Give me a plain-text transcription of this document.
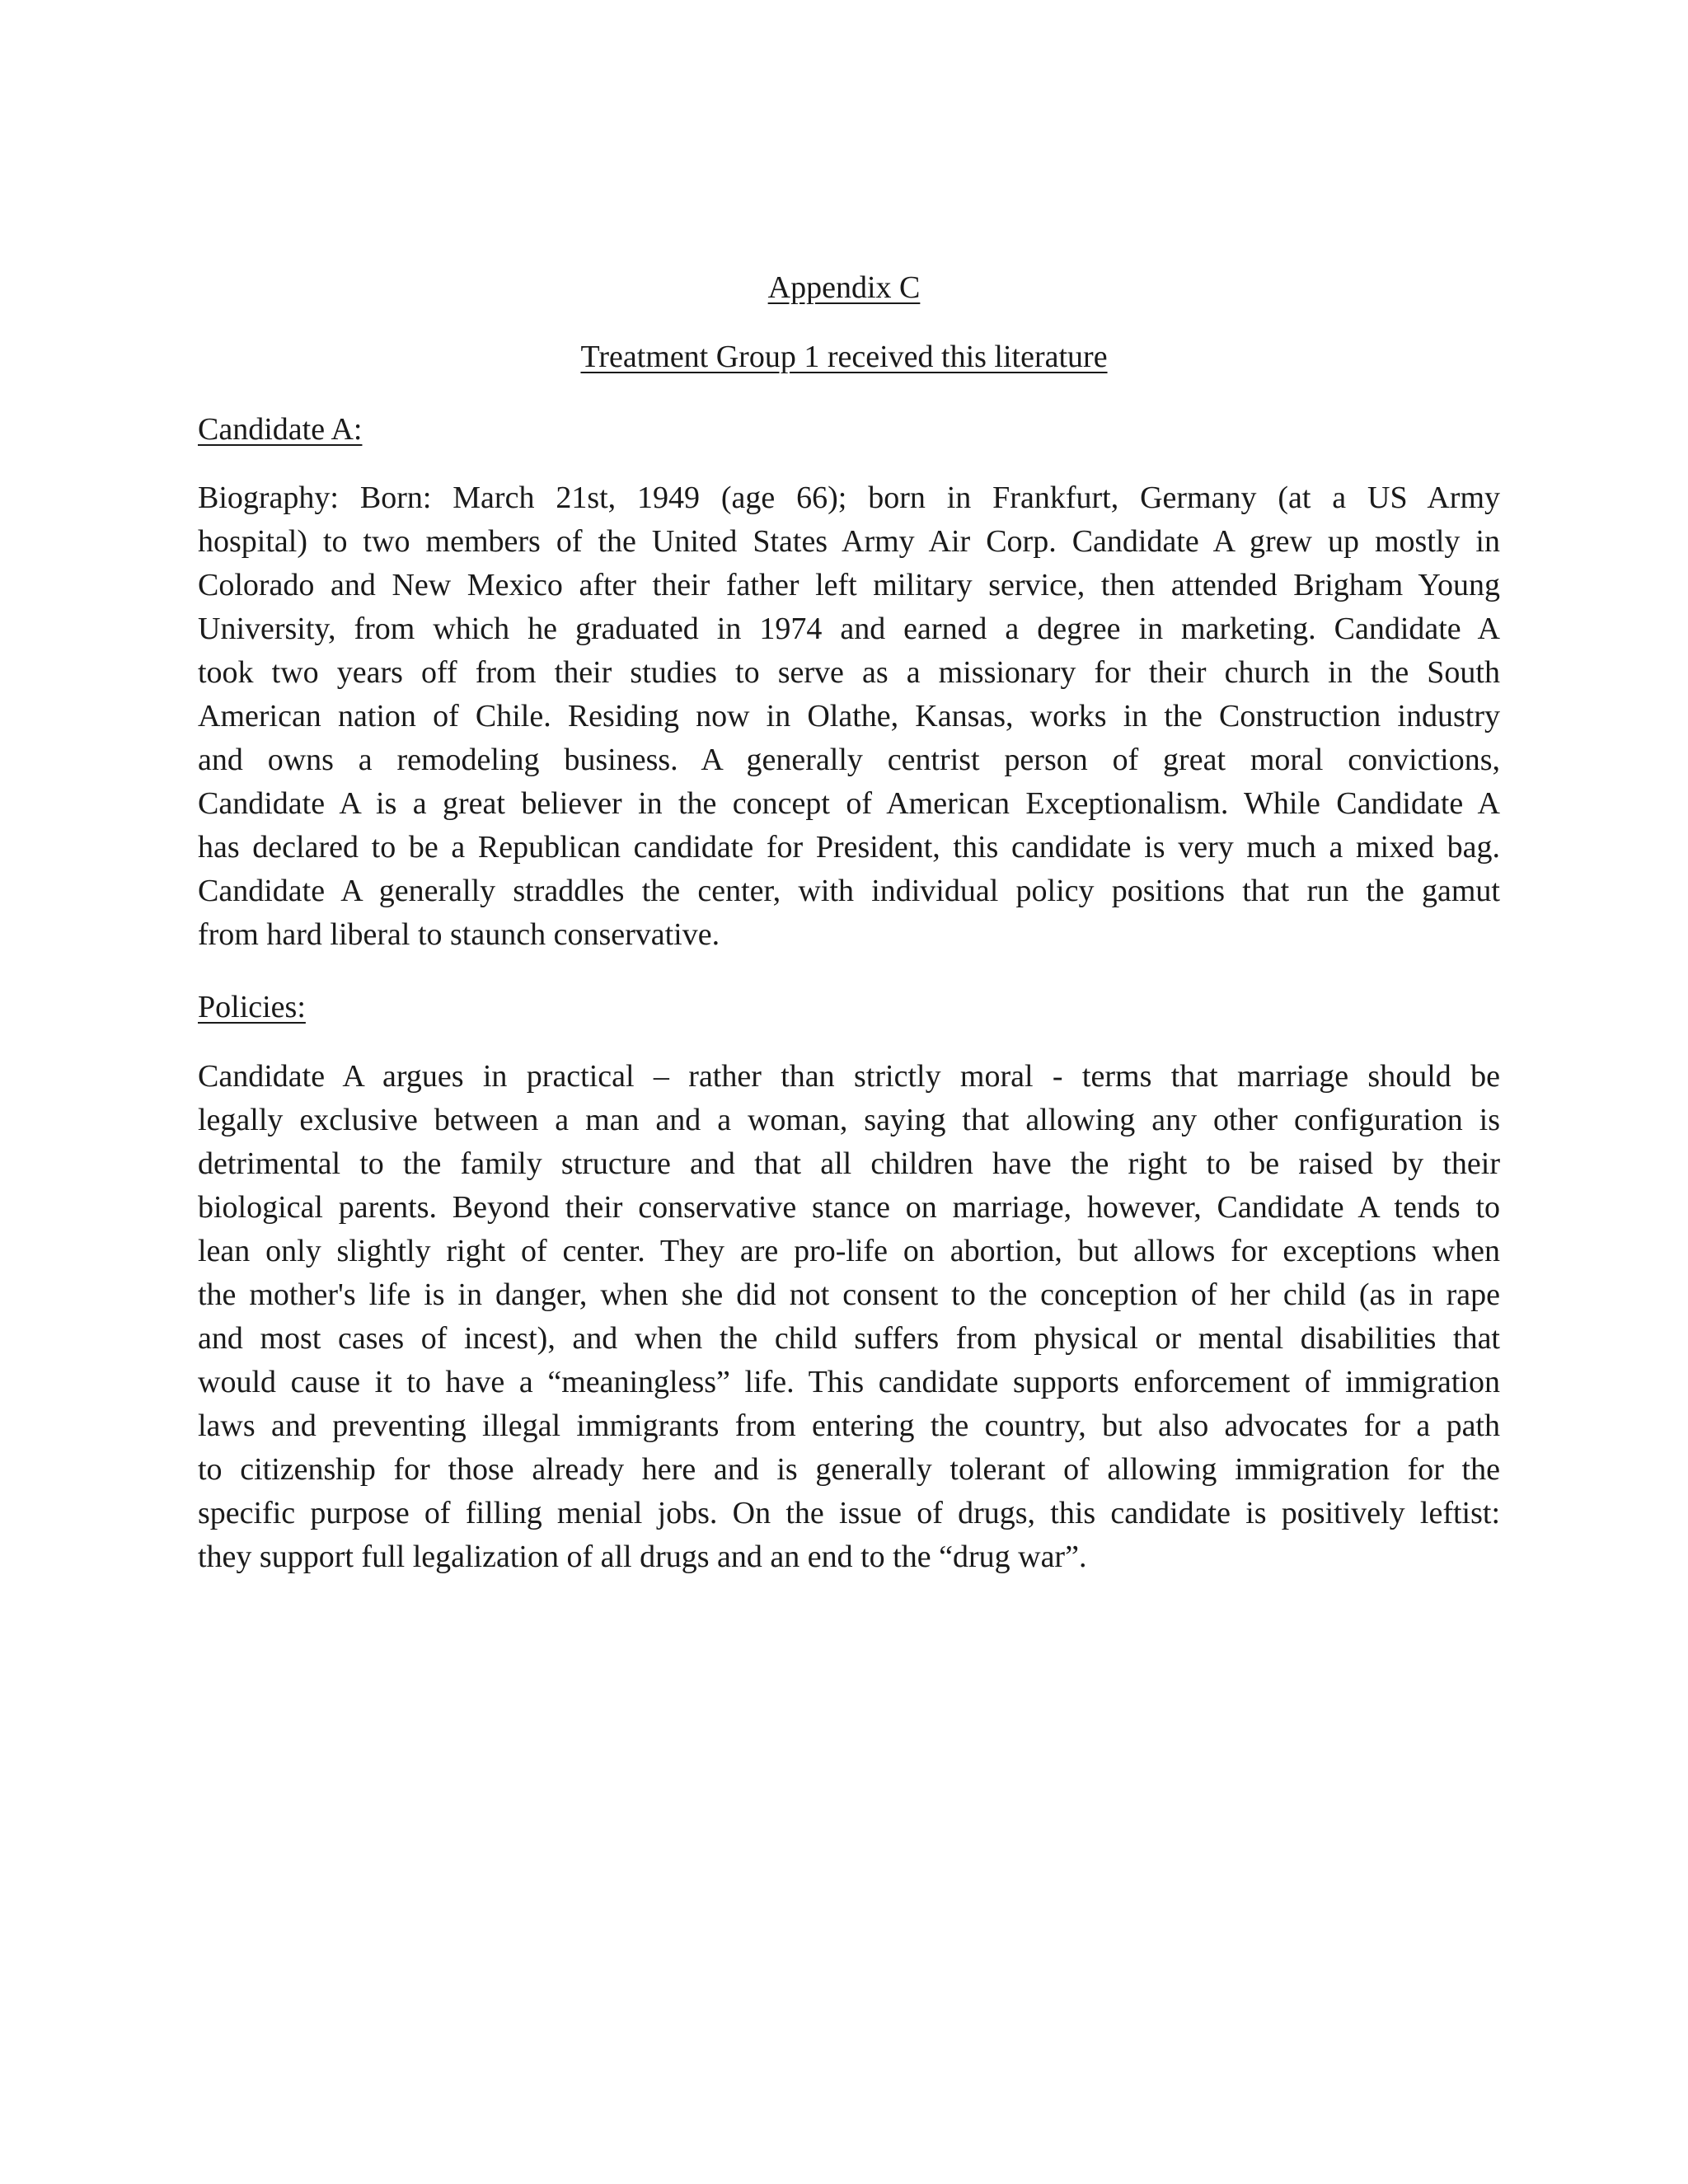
Appendix C
Treatment Group 1 received this literature
Candidate A:
Biography: Born: March 21st, 1949 (age 66); born in Frankfurt, Germany (at a US Army
hospital) to two members of the United States Army Air Corp. Candidate A grew up mostly in
Colorado and New Mexico after their father left military service, then attended Brigham Young
University, from which he graduated in 1974 and earned a degree in marketing. Candidate A
took two years off from their studies to serve as a missionary for their church in the South
American nation of Chile. Residing now in Olathe, Kansas, works in the Construction industry
and owns a remodeling business. A generally centrist person of great moral convictions,
Candidate A is a great believer in the concept of American Exceptionalism. While Candidate A
has declared to be a Republican candidate for President, this candidate is very much a mixed bag.
Candidate A generally straddles the center, with individual policy positions that run the gamut
from hard liberal to staunch conservative.
Policies:
Candidate A argues in practical – rather than strictly moral - terms that marriage should be
legally exclusive between a man and a woman, saying that allowing any other configuration is
detrimental to the family structure and that all children have the right to be raised by their
biological parents. Beyond their conservative stance on marriage, however, Candidate A tends to
lean only slightly right of center. They are pro-life on abortion, but allows for exceptions when
the mother's life is in danger, when she did not consent to the conception of her child (as in rape
and most cases of incest), and when the child suffers from physical or mental disabilities that
would cause it to have a “meaningless” life. This candidate supports enforcement of immigration
laws and preventing illegal immigrants from entering the country, but also advocates for a path
to citizenship for those already here and is generally tolerant of allowing immigration for the
specific purpose of filling menial jobs. On the issue of drugs, this candidate is positively leftist:
they support full legalization of all drugs and an end to the “drug war”.
